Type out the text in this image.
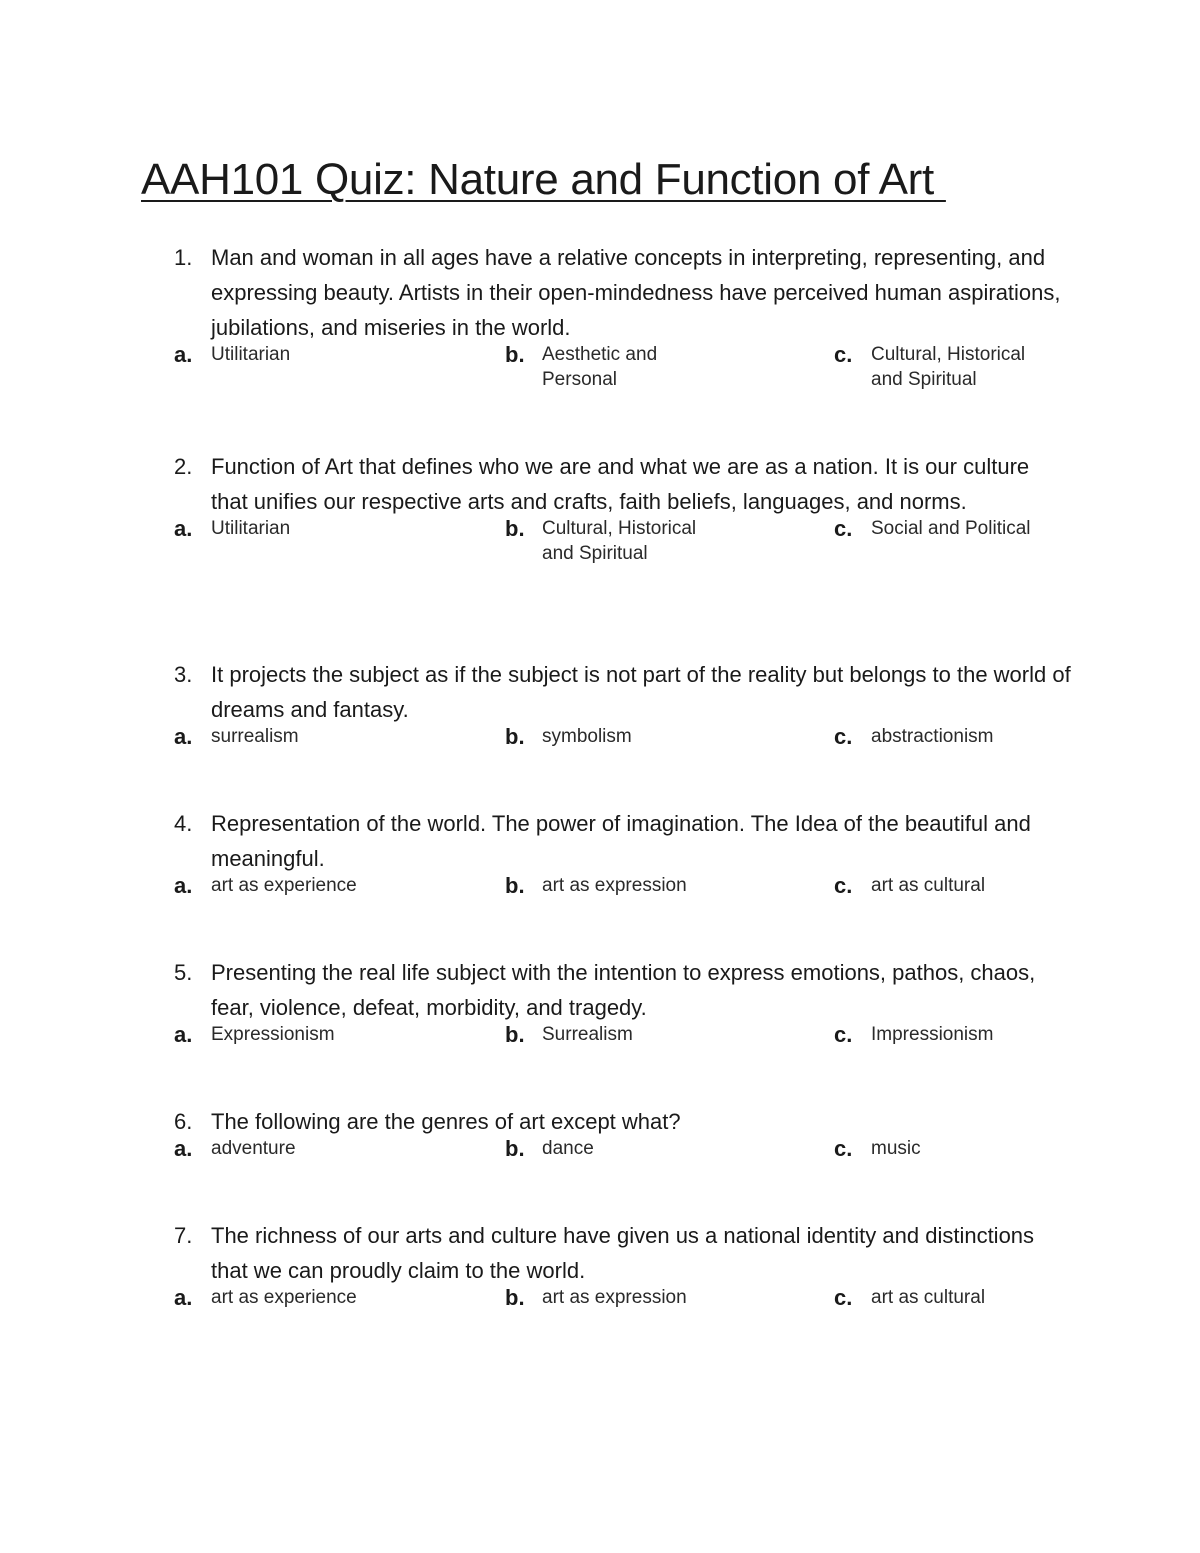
AAH101 Quiz: Nature and Function of Art
1. Man and woman in all ages have a relative concepts in interpreting, representing, and expressing beauty. Artists in their open-mindedness have perceived human aspirations, jubilations, and miseries in the world.
a. Utilitarian	b. Aesthetic and Personal
c. Cultural, Historical and Spiritual
2. Function of Art that defines who we are and what we are as a nation. It is our culture that unifies our respective arts and crafts, faith beliefs, languages, and norms.
a. Utilitarian	b. Cultural, Historical and Spiritual
c. Social and Political
3. It projects the subject as if the subject is not part of the reality but belongs to the world of dreams and fantasy.
a. surrealism	b. symbolism	c. abstractionism
4. Representation of the world. The power of imagination. The Idea of the beautiful and meaningful.
a. art as experience	b. art as expression	c. art as cultural
5. Presenting the real life subject with the intention to express emotions, pathos, chaos, fear, violence, defeat, morbidity, and tragedy.
a. Expressionism	b. Surrealism	c. Impressionism
6. The following are the genres of art except what?
a. adventure	b. dance	c. music
7. The richness of our arts and culture have given us a national identity and distinctions that we can proudly claim to the world.
a. art as experience	b. art as expression	c. art as cultural
